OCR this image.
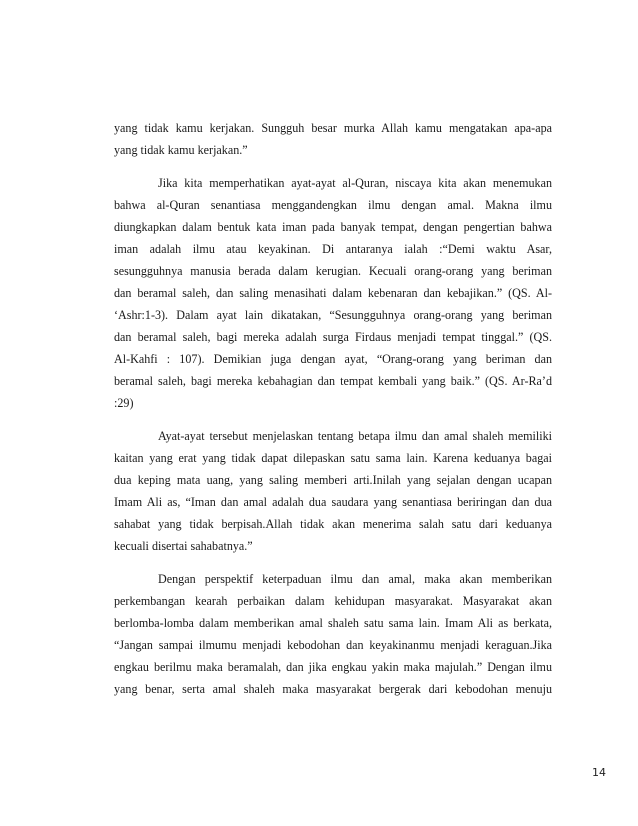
yang tidak kamu kerjakan. Sungguh besar murka Allah kamu mengatakan apa-apa
yang tidak kamu kerjakan.”

Jika kita memperhatikan ayat-ayat al-Quran, niscaya kita akan menemukan
bahwa al-Quran senantiasa menggandengkan ilmu dengan amal. Makna ilmu
diungkapkan dalam bentuk kata iman pada banyak tempat, dengan pengertian bahwa
iman adalah ilmu atau keyakinan. Di antaranya ialah :“Demi waktu Asar,
sesungguhnya manusia berada dalam kerugian. Kecuali orang-orang yang beriman
dan beramal saleh, dan saling menasihati dalam kebenaran dan kebajikan.” (QS. Al-
‘Ashr:1-3). Dalam ayat lain dikatakan, “Sesungguhnya orang-orang yang beriman
dan beramal saleh, bagi mereka adalah surga Firdaus menjadi tempat tinggal.” (QS.
Al-Kahfi : 107). Demikian juga dengan ayat, “Orang-orang yang beriman dan
beramal saleh, bagi mereka kebahagian dan tempat kembali yang baik.” (QS. Ar-Ra’d
:29)

Ayat-ayat tersebut menjelaskan tentang betapa ilmu dan amal shaleh memiliki
kaitan yang erat yang tidak dapat dilepaskan satu sama lain. Karena keduanya bagai
dua keping mata uang, yang saling memberi arti.Inilah yang sejalan dengan ucapan
Imam Ali as, “Iman dan amal adalah dua saudara yang senantiasa beriringan dan dua
sahabat yang tidak berpisah.Allah tidak akan menerima salah satu dari keduanya
kecuali disertai sahabatnya.”

Dengan perspektif keterpaduan ilmu dan amal, maka akan memberikan
perkembangan kearah perbaikan dalam kehidupan masyarakat. Masyarakat akan
berlomba-lomba dalam memberikan amal shaleh satu sama lain. Imam Ali as berkata,
“Jangan sampai ilmumu menjadi kebodohan dan keyakinanmu menjadi keraguan.Jika
engkau berilmu maka beramalah, dan jika engkau yakin maka majulah.” Dengan ilmu
yang benar, serta amal shaleh maka masyarakat bergerak dari kebodohan menuju

14
